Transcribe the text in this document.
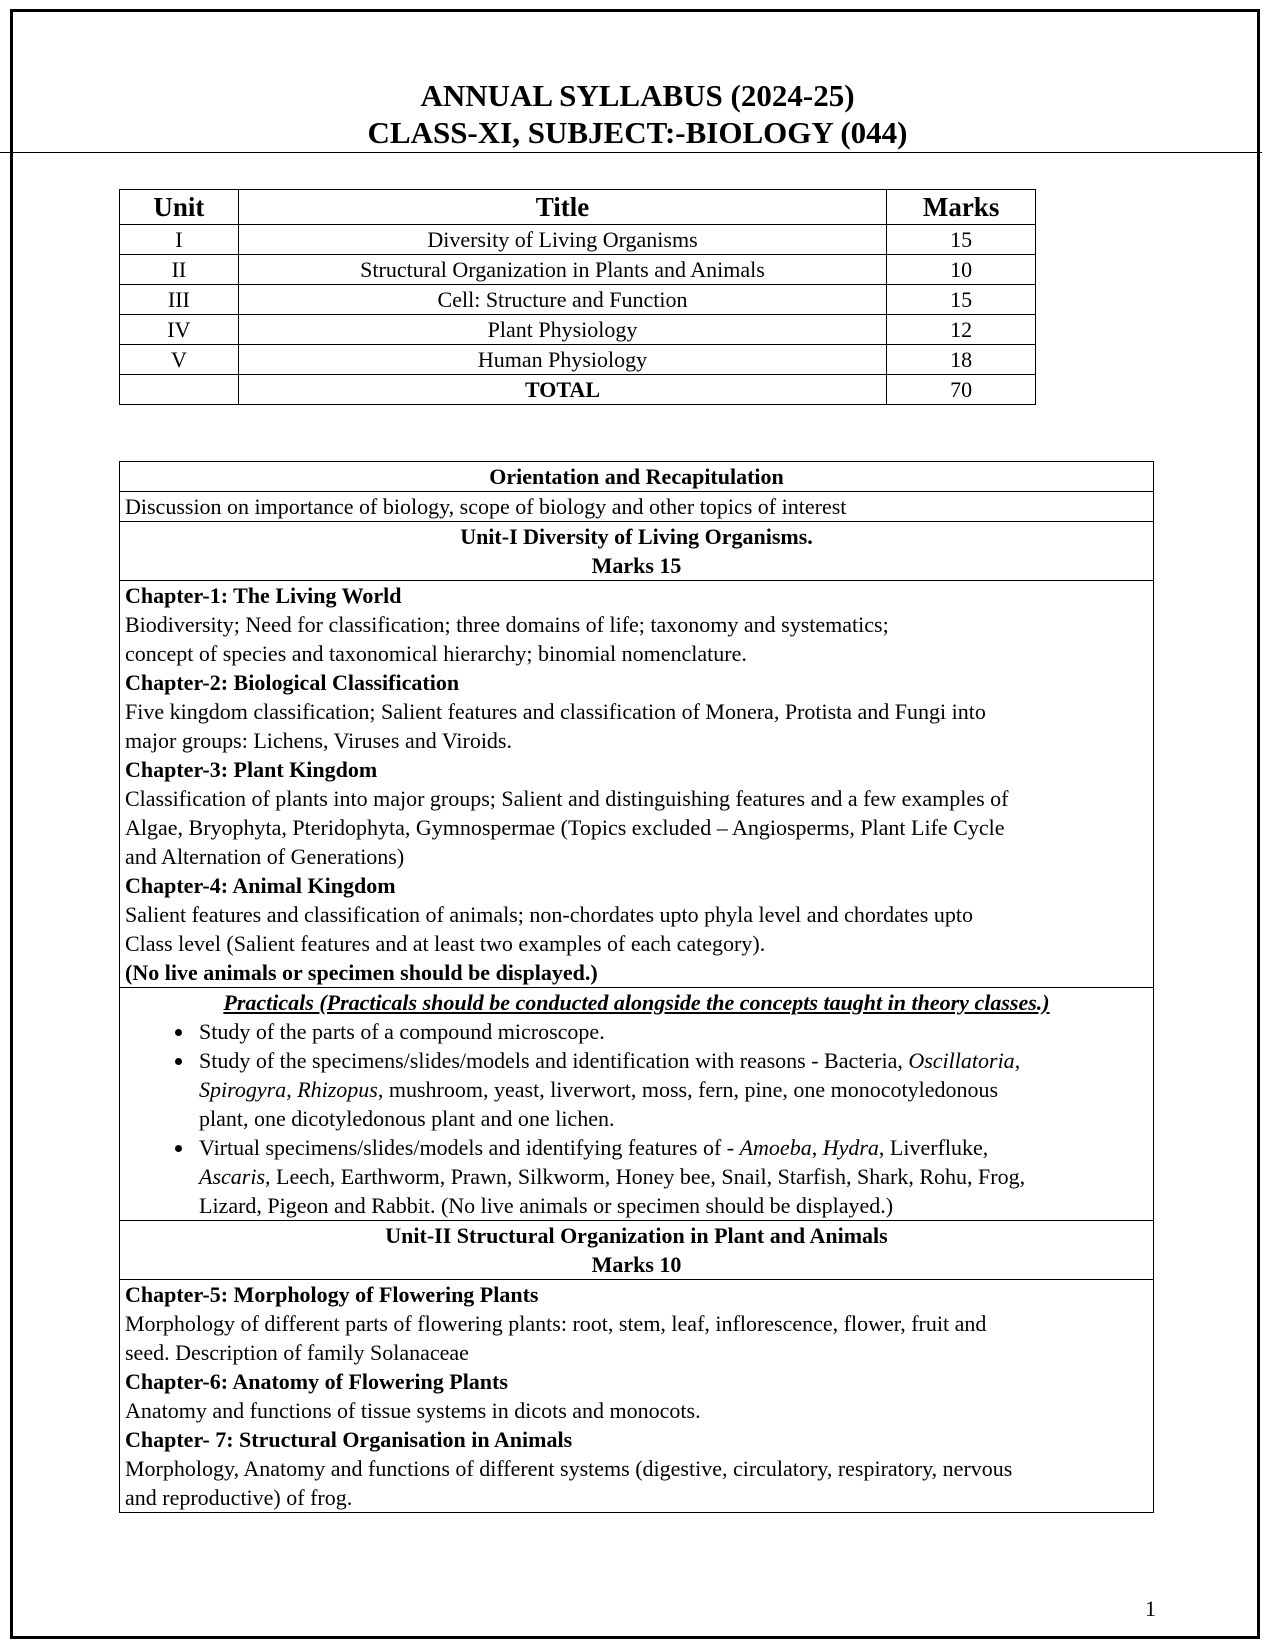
ANNUAL SYLLABUS (2024-25)
CLASS-XI, SUBJECT:-BIOLOGY (044)
Unit	Title	Marks
I	Diversity of Living Organisms	15
II	Structural Organization in Plants and Animals	10
III	Cell: Structure and Function	15
IV	Plant Physiology	12
V	Human Physiology	18
	TOTAL	70
Orientation and Recapitulation
Discussion on importance of biology, scope of biology and other topics of interest

Unit-I Diversity of Living Organisms.
Marks 15

Chapter-1: The Living World
Biodiversity; Need for classification; three domains of life; taxonomy and systematics;
concept of species and taxonomical hierarchy; binomial nomenclature.
Chapter-2: Biological Classification
Five kingdom classification; Salient features and classification of Monera, Protista and Fungi into
major groups: Lichens, Viruses and Viroids.
Chapter-3: Plant Kingdom
Classification of plants into major groups; Salient and distinguishing features and a few examples of
Algae, Bryophyta, Pteridophyta, Gymnospermae (Topics excluded – Angiosperms, Plant Life Cycle
and Alternation of Generations)
Chapter-4: Animal Kingdom
Salient features and classification of animals; non-chordates upto phyla level and chordates upto
Class level (Salient features and at least two examples of each category).
(No live animals or specimen should be displayed.)

Practicals (Practicals should be conducted alongside the concepts taught in theory classes.)
• Study of the parts of a compound microscope.
• Study of the specimens/slides/models and identification with reasons - Bacteria, Oscillatoria,
Spirogyra, Rhizopus, mushroom, yeast, liverwort, moss, fern, pine, one monocotyledonous
plant, one dicotyledonous plant and one lichen.
• Virtual specimens/slides/models and identifying features of - Amoeba, Hydra, Liverfluke,
Ascaris, Leech, Earthworm, Prawn, Silkworm, Honey bee, Snail, Starfish, Shark, Rohu, Frog,
Lizard, Pigeon and Rabbit. (No live animals or specimen should be displayed.)

Unit-II Structural Organization in Plant and Animals
Marks 10

Chapter-5: Morphology of Flowering Plants
Morphology of different parts of flowering plants: root, stem, leaf, inflorescence, flower, fruit and
seed. Description of family Solanaceae
Chapter-6: Anatomy of Flowering Plants
Anatomy and functions of tissue systems in dicots and monocots.
Chapter- 7: Structural Organisation in Animals
Morphology, Anatomy and functions of different systems (digestive, circulatory, respiratory, nervous
and reproductive) of frog.
1
